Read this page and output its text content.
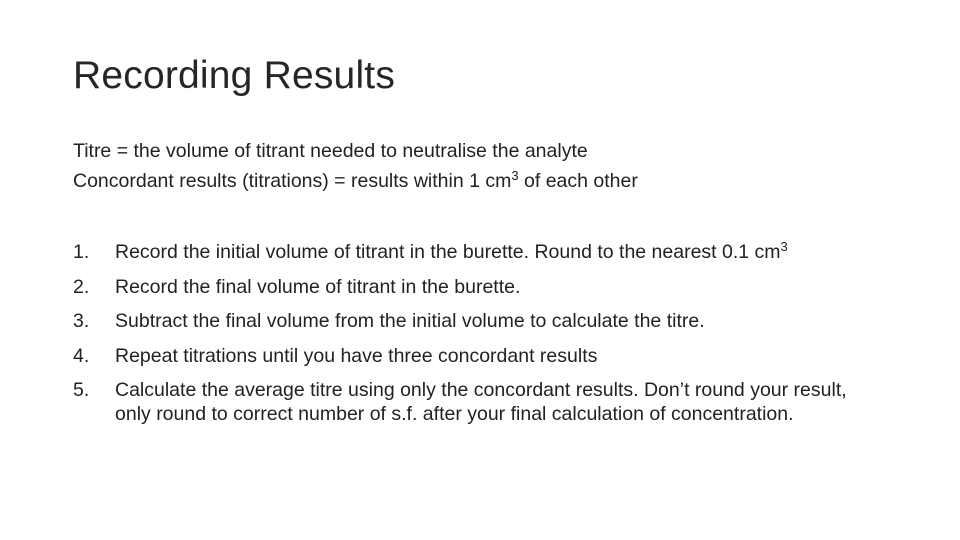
Recording Results
Titre = the volume of titrant needed to neutralise the analyte
Concordant results (titrations) = results within 1 $cm^3$ of each other
1. Record the initial volume of titrant in the burette. Round to the nearest 0.1 $cm^3$
2. Record the final volume of titrant in the burette.
3. Subtract the final volume from the initial volume to calculate the titre.
4. Repeat titrations until you have three concordant results
5. Calculate the average titre using only the concordant results. Don’t round your result, only round to correct number of s.f. after your final calculation of concentration.
